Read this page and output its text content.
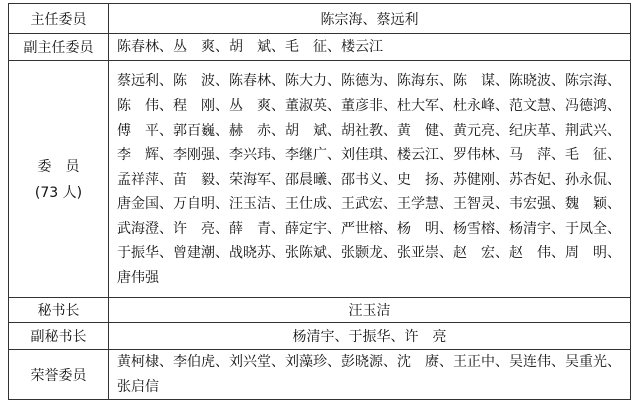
主任委员	陈宗海、蔡远利
副主任委员	陈春林、丛　爽、胡　斌、毛　征、楼云江
委　员
(73 人)	蔡远利、陈　波、陈春林、陈大力、陈德为、陈海东、陈　谋、陈晓波、陈宗海、陈　伟、程　刚、丛　爽、董淑英、董彦非、杜大军、杜永峰、范文慧、冯德鸿、傅　平、郭百巍、赫　赤、胡　斌、胡社教、黄　健、黄元亮、纪庆革、荆武兴、李　辉、李刚强、李兴玮、李继广、刘佳琪、楼云江、罗伟林、马　萍、毛　征、孟祥萍、苗　毅、荣海军、邵晨曦、邵书义、史　扬、苏健刚、苏杏妃、孙永侃、唐金国、万自明、汪玉洁、王仕成、王武宏、王学慧、王智灵、韦宏强、魏　颖、武海澄、许　亮、薛　青、薛定宇、严世榕、杨　明、杨雪榕、杨清宇、于凤全、于振华、曾建潮、战晓苏、张陈斌、张颢龙、张亚崇、赵　宏、赵　伟、周　明、唐伟强
秘书长	汪玉洁
副秘书长	杨清宇、于振华、许　亮
荣誉委员	黄柯棣、李伯虎、刘兴堂、刘藻珍、彭晓源、沈　赓、王正中、吴连伟、吴重光、张启信
